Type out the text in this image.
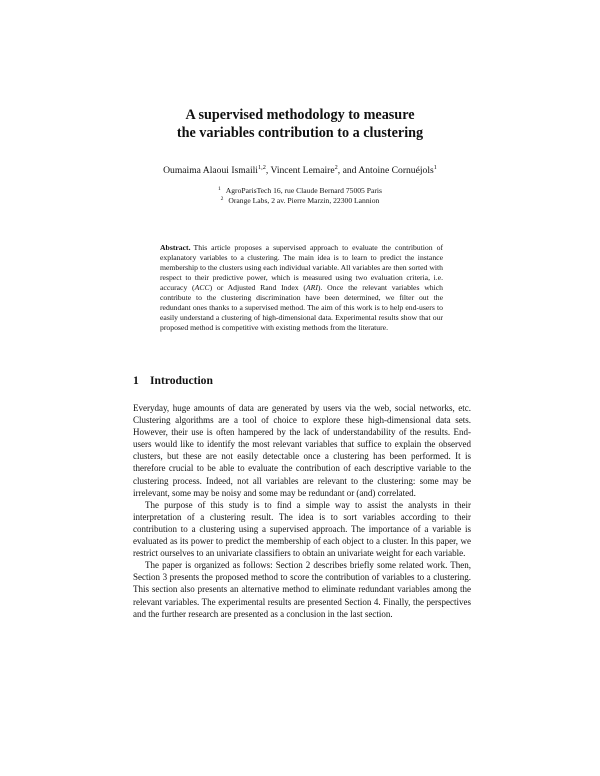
A supervised methodology to measure
the variables contribution to a clustering
Oumaima Alaoui Ismaili$^{1,2}$, Vincent Lemaire$^2$, and Antoine Cornuéjols$^1$
$^1$ AgroParisTech 16, rue Claude Bernard 75005 Paris
$^2$ Orange Labs, 2 av. Pierre Marzin, 22300 Lannion
Abstract. This article proposes a supervised approach to evaluate the contribution of explanatory variables to a clustering. The main idea is to learn to predict the instance membership to the clusters using each individual variable. All variables are then sorted with respect to their predictive power, which is measured using two evaluation criteria, i.e. accuracy (ACC) or Adjusted Rand Index (ARI). Once the relevant variables which contribute to the clustering discrimination have been determined, we filter out the redundant ones thanks to a supervised method. The aim of this work is to help end-users to easily understand a clustering of high-dimensional data. Experimental results show that our proposed method is competitive with existing methods from the literature.
1 Introduction

Everyday, huge amounts of data are generated by users via the web, social networks, etc. Clustering algorithms are a tool of choice to explore these high-dimensional data sets. However, their use is often hampered by the lack of understandability of the results. End-users would like to identify the most relevant variables that suffice to explain the observed clusters, but these are not easily detectable once a clustering has been performed. It is therefore crucial to be able to evaluate the contribution of each descriptive variable to the clustering process. Indeed, not all variables are relevant to the clustering: some may be irrelevant, some may be noisy and some may be redundant or (and) correlated.

The purpose of this study is to find a simple way to assist the analysts in their interpretation of a clustering result. The idea is to sort variables according to their contribution to a clustering using a supervised approach. The importance of a variable is evaluated as its power to predict the membership of each object to a cluster. In this paper, we restrict ourselves to an univariate classifiers to obtain an univariate weight for each variable.

The paper is organized as follows: Section 2 describes briefly some related work. Then, Section 3 presents the proposed method to score the contribution of variables to a clustering. This section also presents an alternative method to eliminate redundant variables among the relevant variables. The experimental results are presented Section 4. Finally, the perspectives and the further research are presented as a conclusion in the last section.
